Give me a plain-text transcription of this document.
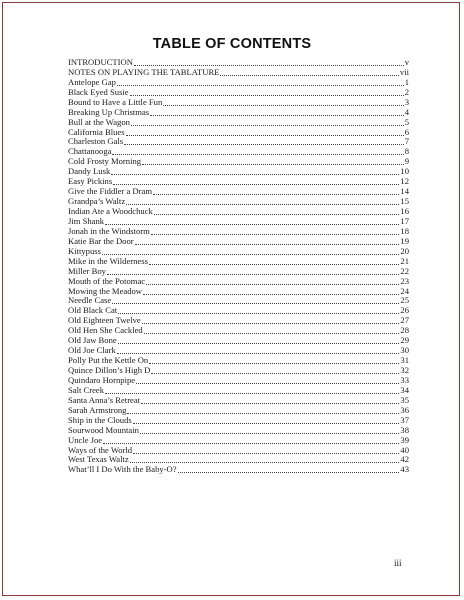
TABLE OF CONTENTS
INTRODUCTION	v
NOTES ON PLAYING THE TABLATURE	vii
Antelope Gap	1
Black Eyed Susie	2
Bound to Have a Little Fun	3
Breaking Up Christmas	4
Bull at the Wagon	5
California Blues	6
Charleston Gals	7
Chattanooga	8
Cold Frosty Morning	9
Dandy Lusk	10
Easy Pickins	12
Give the Fiddler a Dram	14
Grandpa’s Waltz	15
Indian Ate a Woodchuck	16
Jim Shank	17
Jonah in the Windstorm	18
Katie Bar the Door	19
Kittypuss	20
Mike in the Wilderness	21
Miller Boy	22
Mouth of the Potomac	23
Mowing the Meadow	24
Needle Case	25
Old Black Cat	26
Old Eighteen Twelve	27
Old Hen She Cackled	28
Old Jaw Bone	29
Old Joe Clark	30
Polly Put the Kettle On	31
Quince Dillon’s High D	32
Quindaro Hornpipe	33
Salt Creek	34
Santa Anna’s Retreat	35
Sarah Armstrong	36
Ship in the Clouds	37
Sourwood Mountain	38
Uncle Joe	39
Ways of the World	40
West Texas Waltz	42
What’ll I Do With the Baby-O?	43
iii
